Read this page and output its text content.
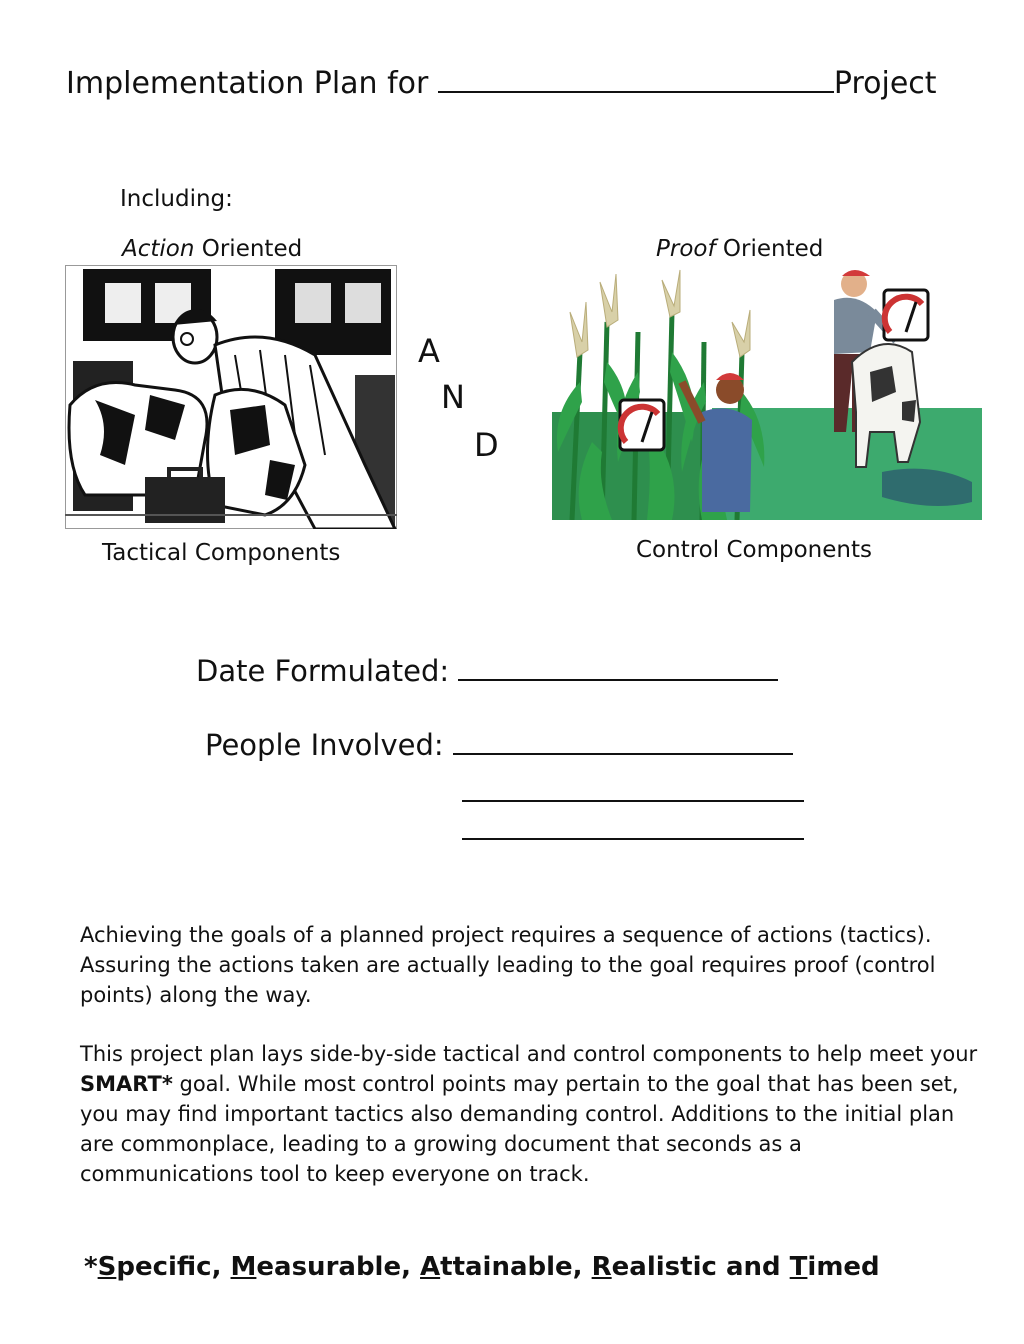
Implementation Plan for	Project
Including:
Action Oriented	Proof Oriented
A
N
D
Tactical Components	Control Components
Date Formulated:
People Involved:

Achieving the goals of a planned project requires a sequence of actions (tactics). Assuring the actions taken are actually leading to the goal requires proof (control points) along the way.

This project plan lays side-by-side tactical and control components to help meet your SMART* goal. While most control points may pertain to the goal that has been set, you may find important tactics also demanding control. Additions to the initial plan are commonplace, leading to a growing document that seconds as a communications tool to keep everyone on track.

*Specific, Measurable, Attainable, Realistic and Timed
